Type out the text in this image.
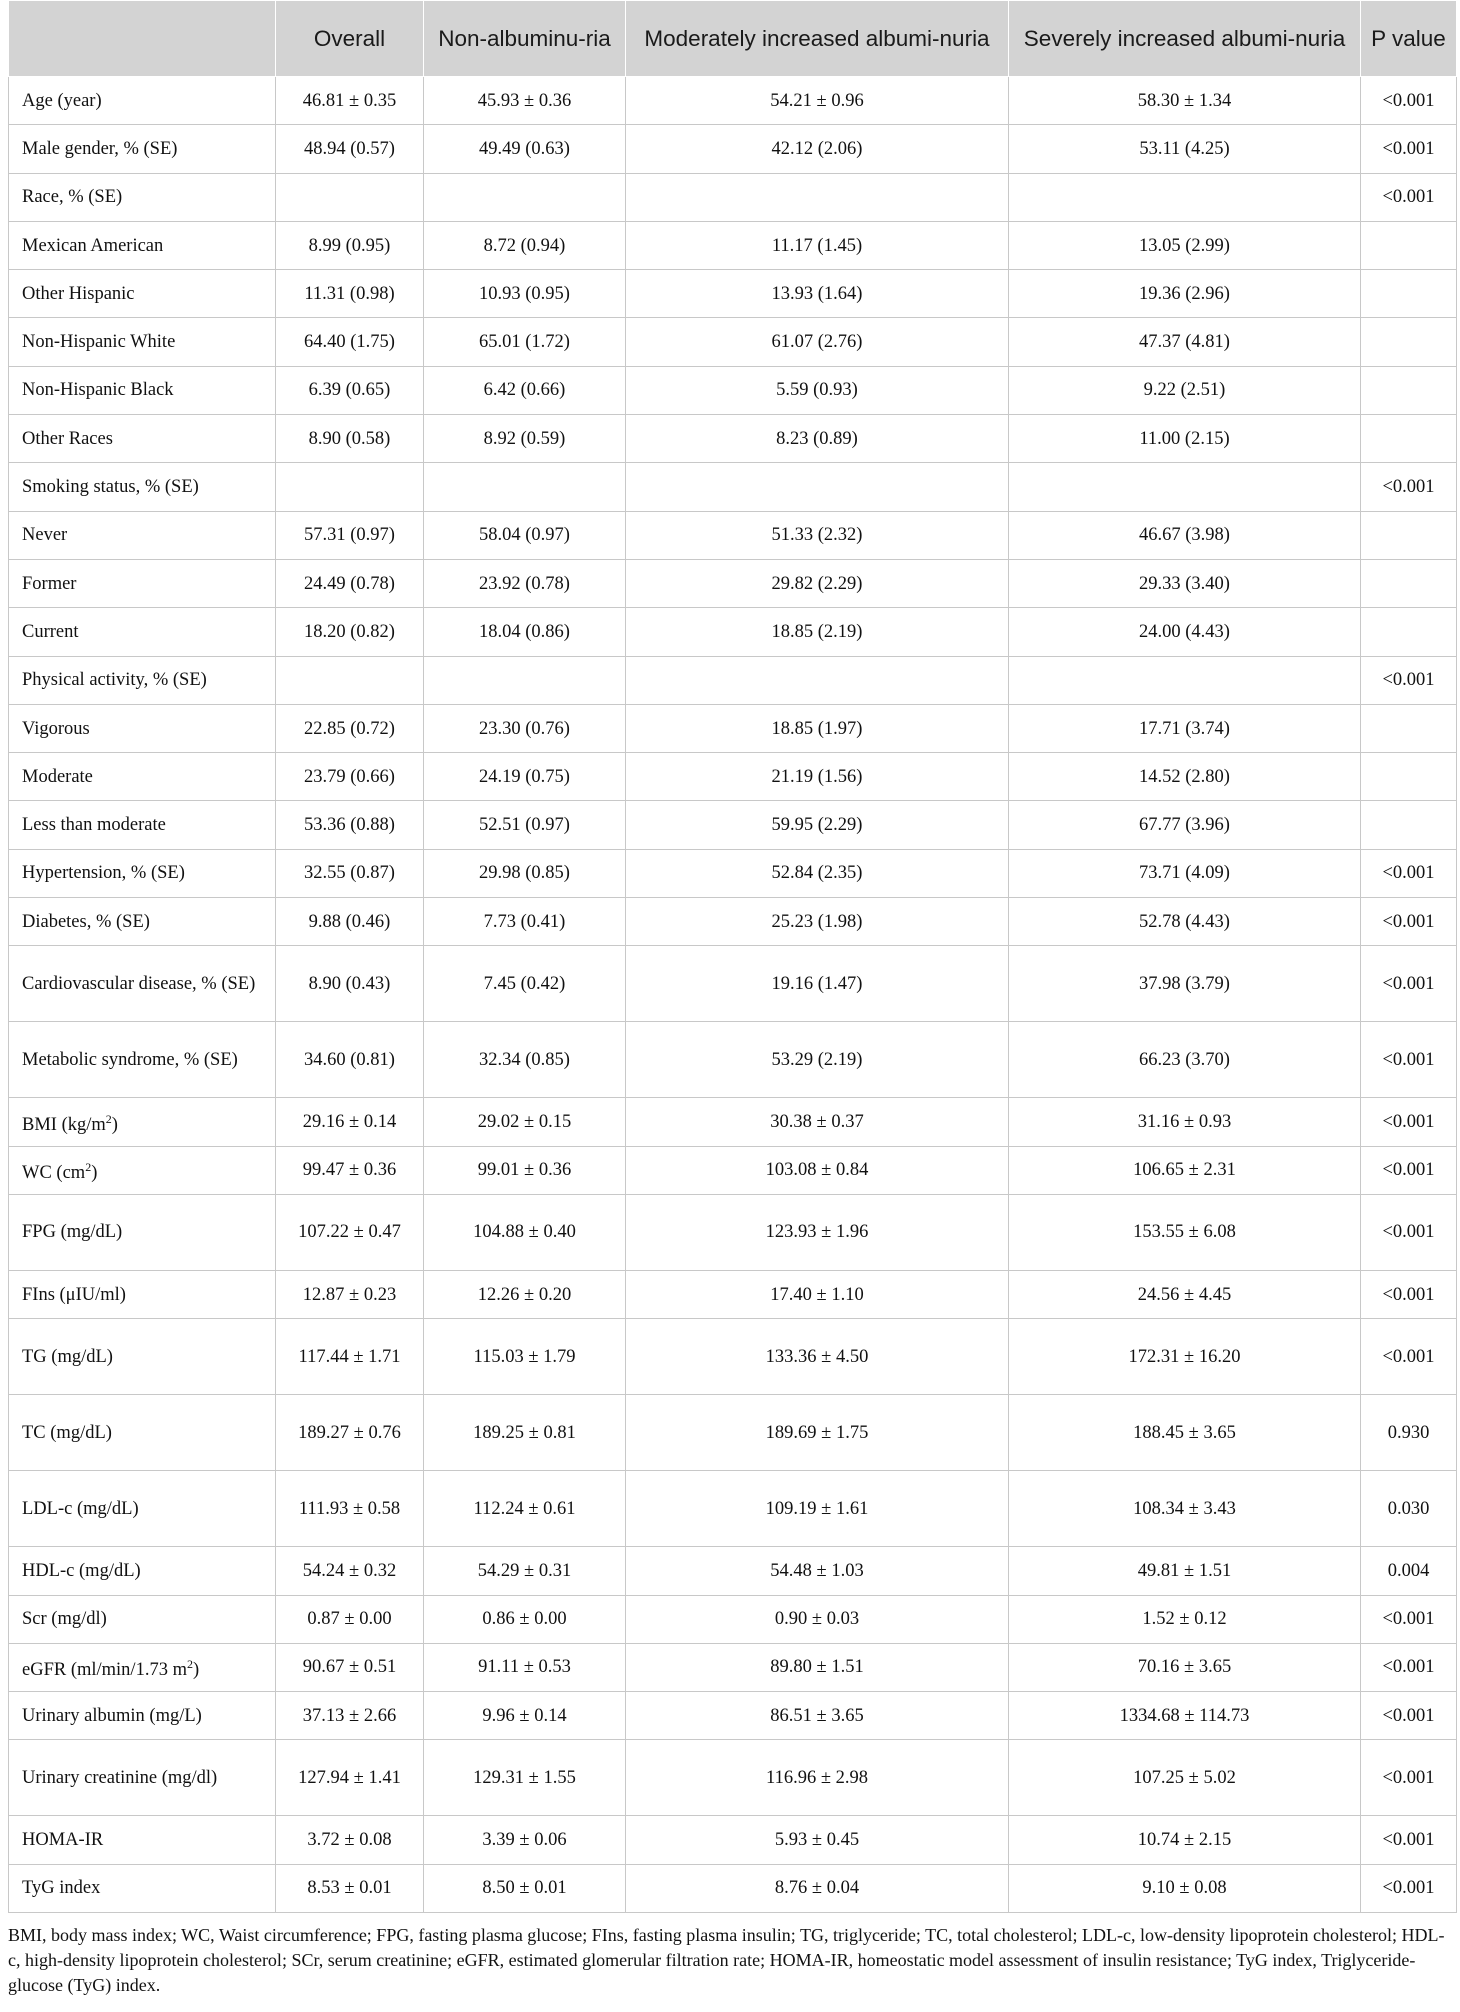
	Overall	Non-albuminu-ria	Moderately increased albumi-nuria	Severely increased albumi-nuria	P value
Age (year)	46.81 ± 0.35	45.93 ± 0.36	54.21 ± 0.96	58.30 ± 1.34	<0.001
Male gender, % (SE)	48.94 (0.57)	49.49 (0.63)	42.12 (2.06)	53.11 (4.25)	<0.001
Race, % (SE)					<0.001
Mexican American	8.99 (0.95)	8.72 (0.94)	11.17 (1.45)	13.05 (2.99)	
Other Hispanic	11.31 (0.98)	10.93 (0.95)	13.93 (1.64)	19.36 (2.96)	
Non-Hispanic White	64.40 (1.75)	65.01 (1.72)	61.07 (2.76)	47.37 (4.81)	
Non-Hispanic Black	6.39 (0.65)	6.42 (0.66)	5.59 (0.93)	9.22 (2.51)	
Other Races	8.90 (0.58)	8.92 (0.59)	8.23 (0.89)	11.00 (2.15)	
Smoking status, % (SE)					<0.001
Never	57.31 (0.97)	58.04 (0.97)	51.33 (2.32)	46.67 (3.98)	
Former	24.49 (0.78)	23.92 (0.78)	29.82 (2.29)	29.33 (3.40)	
Current	18.20 (0.82)	18.04 (0.86)	18.85 (2.19)	24.00 (4.43)	
Physical activity, % (SE)					<0.001
Vigorous	22.85 (0.72)	23.30 (0.76)	18.85 (1.97)	17.71 (3.74)	
Moderate	23.79 (0.66)	24.19 (0.75)	21.19 (1.56)	14.52 (2.80)	
Less than moderate	53.36 (0.88)	52.51 (0.97)	59.95 (2.29)	67.77 (3.96)	
Hypertension, % (SE)	32.55 (0.87)	29.98 (0.85)	52.84 (2.35)	73.71 (4.09)	<0.001
Diabetes, % (SE)	9.88 (0.46)	7.73 (0.41)	25.23 (1.98)	52.78 (4.43)	<0.001
Cardiovascular disease, % (SE)	8.90 (0.43)	7.45 (0.42)	19.16 (1.47)	37.98 (3.79)	<0.001
Metabolic syndrome, % (SE)	34.60 (0.81)	32.34 (0.85)	53.29 (2.19)	66.23 (3.70)	<0.001
BMI $(kg/m^2)$	29.16 ± 0.14	29.02 ± 0.15	30.38 ± 0.37	31.16 ± 0.93	<0.001
WC $(cm^2)$	99.47 ± 0.36	99.01 ± 0.36	103.08 ± 0.84	106.65 ± 2.31	<0.001
FPG (mg/dL)	107.22 ± 0.47	104.88 ± 0.40	123.93 ± 1.96	153.55 ± 6.08	<0.001
FIns (μIU/ml)	12.87 ± 0.23	12.26 ± 0.20	17.40 ± 1.10	24.56 ± 4.45	<0.001
TG (mg/dL)	117.44 ± 1.71	115.03 ± 1.79	133.36 ± 4.50	172.31 ± 16.20	<0.001
TC (mg/dL)	189.27 ± 0.76	189.25 ± 0.81	189.69 ± 1.75	188.45 ± 3.65	0.930
LDL-c (mg/dL)	111.93 ± 0.58	112.24 ± 0.61	109.19 ± 1.61	108.34 ± 3.43	0.030
HDL-c (mg/dL)	54.24 ± 0.32	54.29 ± 0.31	54.48 ± 1.03	49.81 ± 1.51	0.004
Scr (mg/dl)	0.87 ± 0.00	0.86 ± 0.00	0.90 ± 0.03	1.52 ± 0.12	<0.001
eGFR (ml/min/1.73 $m^2$)	90.67 ± 0.51	91.11 ± 0.53	89.80 ± 1.51	70.16 ± 3.65	<0.001
Urinary albumin (mg/L)	37.13 ± 2.66	9.96 ± 0.14	86.51 ± 3.65	1334.68 ± 114.73	<0.001
Urinary creatinine (mg/dl)	127.94 ± 1.41	129.31 ± 1.55	116.96 ± 2.98	107.25 ± 5.02	<0.001
HOMA-IR	3.72 ± 0.08	3.39 ± 0.06	5.93 ± 0.45	10.74 ± 2.15	<0.001
TyG index	8.53 ± 0.01	8.50 ± 0.01	8.76 ± 0.04	9.10 ± 0.08	<0.001
BMI, body mass index; WC, Waist circumference; FPG, fasting plasma glucose; FIns, fasting plasma insulin; TG, triglyceride; TC, total cholesterol; LDL-c, low-density lipoprotein cholesterol; HDL-c, high-density lipoprotein cholesterol; SCr, serum creatinine; eGFR, estimated glomerular filtration rate; HOMA-IR, homeostatic model assessment of insulin resistance; TyG index, Triglyceride-glucose (TyG) index.
